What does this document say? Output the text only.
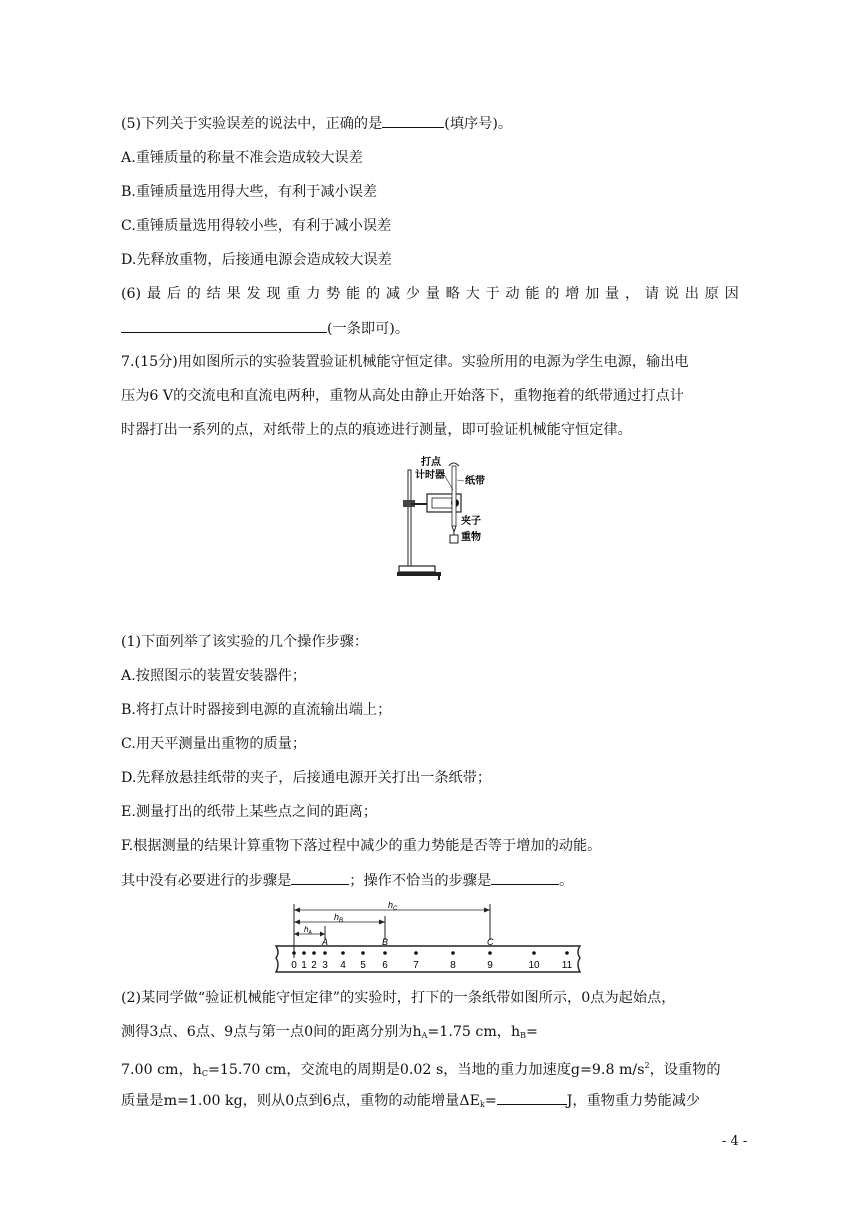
(5)下列关于实验误差的说法中，正确的是	(填序号)。
A.重锤质量的称量不准会造成较大误差
B.重锤质量选用得大些，有利于减小误差
C.重锤质量选用得较小些，有利于减小误差
D.先释放重物，后接通电源会造成较大误差
(6) 最 后 的 结 果 发 现 重 力 势 能 的 减 少 量 略 大 于 动 能 的 增 加 量 ， 请 说 出 原 因
(一条即可)。
7.(15分)用如图所示的实验装置验证机械能守恒定律。实验所用的电源为学生电源，输出电
压为6 V的交流电和直流电两种，重物从高处由静止开始落下，重物拖着的纸带通过打点计
时器打出一系列的点，对纸带上的点的痕迹进行测量，即可验证机械能守恒定律。
打点
计时器
纸带
夹子
重物
(1)下面列举了该实验的几个操作步骤：
A.按照图示的装置安装器件；
B.将打点计时器接到电源的直流输出端上；
C.用天平测量出重物的质量；
D.先释放悬挂纸带的夹子，后接通电源开关打出一条纸带；
E.测量打出的纸带上某些点之间的距离；
F.根据测量的结果计算重物下落过程中减少的重力势能是否等于增加的动能。
其中没有必要进行的步骤是	；操作不恰当的步骤是	。
$h_C$
$h_B$
$h_A$
A	B	C
0 1 2 3 4 5 6	7	8	9	10 11
(2)某同学做“验证机械能守恒定律”的实验时，打下的一条纸带如图所示，0点为起始点，
测得3点、6点、9点与第一点0间的距离分别为$h_A=1.75$ cm，$h_B=$
7.00 cm，$h_C=15.70$ cm，交流电的周期是0.02 s，当地的重力加速度g=9.8 $m/s^2$，设重物的
质量是m=1.00 kg，则从0点到6点，重物的动能增量$\Delta E_k=$	J，重物重力势能减少
- 4 -
